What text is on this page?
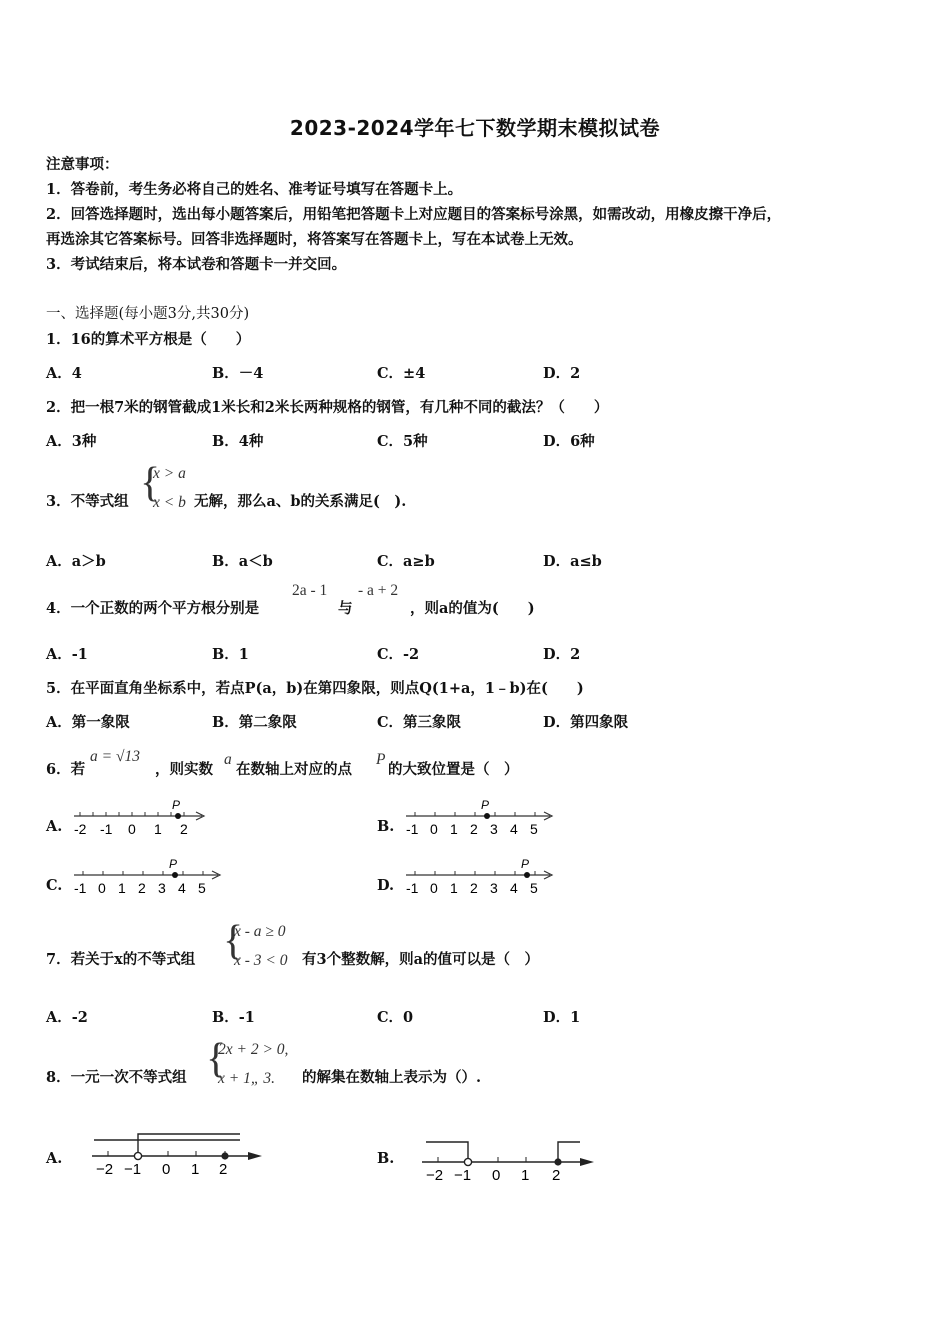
2023-2024学年七下数学期末模拟试卷
注意事项：
1．答卷前，考生务必将自己的姓名、准考证号填写在答题卡上。
2．回答选择题时，选出每小题答案后，用铅笔把答题卡上对应题目的答案标号涂黑，如需改动，用橡皮擦干净后，
再选涂其它答案标号。回答非选择题时，将答案写在答题卡上，写在本试卷上无效。
3．考试结束后，将本试卷和答题卡一并交回。
一、选择题(每小题3分,共30分)
1．16的算术平方根是（　　）
A．4	B．－4	C．±4	D．2
2．把一根7米的钢管截成1米长和2米长两种规格的钢管，有几种不同的截法？（　　）
A．3种	B．4种	C．5种	D．6种
3．不等式组 {
x > a
x < b 无解，那么a、b的关系满足(　).
A．a＞b	B．a＜b	C．a≥b	D．a≤b
4．一个正数的两个平方根分别是
2a - 1
与
- a + 2
，则a的值为(　　)
A．-1	B．1	C．-2	D．2
5．在平面直角坐标系中，若点P(a，b)在第四象限，则点Q(1+a，1﹣b)在(　　)
A．第一象限	B．第二象限	C．第三象限	D．第四象限
6．若
a = √13
，则实数
a
在数轴上对应的点
P
的大致位置是（　）
A.	B.
C.	D.
-2 -1 0 1 2
P
-1 0 1 2 3 4 5
P
-1 0 1 2 3 4 5
P
-1 0 1 2 3 4 5
P
7．若关于x的不等式组 {
x - a ≥ 0
x - 3 < 0 有3个整数解，则a的值可以是（　）
A．-2	B．-1	C．0	D．1
8．一元一次不等式组 {
2x + 2 > 0,
x + 1„ 3. 的解集在数轴上表示为（）.
A.	B.
−2 −1 0 1 2	−2 −1 0 1 2
